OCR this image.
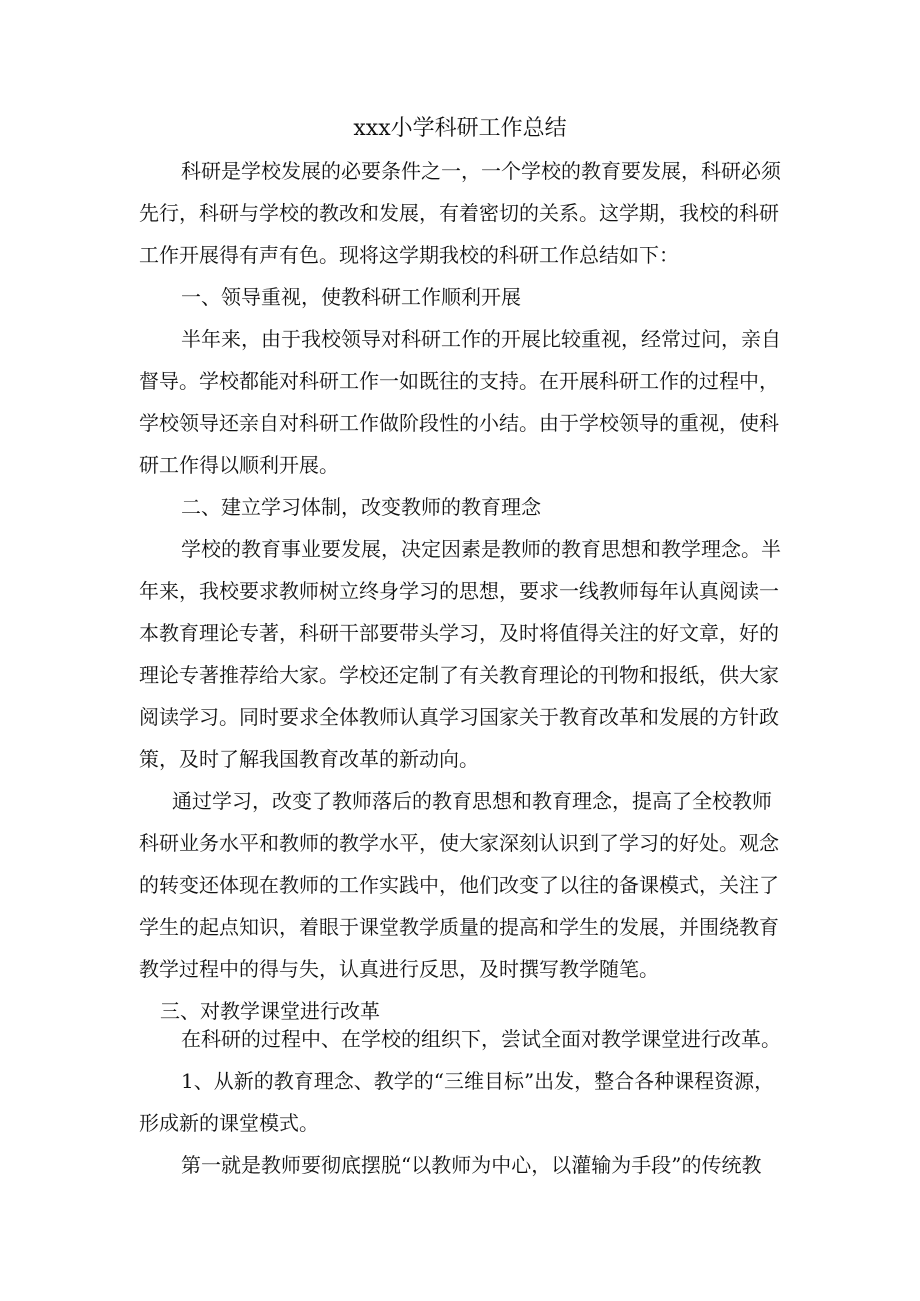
xxx小学科研工作总结

科研是学校发展的必要条件之一，一个学校的教育要发展，科研必须

先行，科研与学校的教改和发展，有着密切的关系。这学期，我校的科研

工作开展得有声有色。现将这学期我校的科研工作总结如下：

一、领导重视，使教科研工作顺利开展

半年来，由于我校领导对科研工作的开展比较重视，经常过问，亲自

督导。学校都能对科研工作一如既往的支持。在开展科研工作的过程中，

学校领导还亲自对科研工作做阶段性的小结。由于学校领导的重视，使科

研工作得以顺利开展。

二、建立学习体制，改变教师的教育理念

学校的教育事业要发展，决定因素是教师的教育思想和教学理念。半

年来，我校要求教师树立终身学习的思想，要求一线教师每年认真阅读一

本教育理论专著，科研干部要带头学习，及时将值得关注的好文章，好的

理论专著推荐给大家。学校还定制了有关教育理论的刊物和报纸，供大家

阅读学习。同时要求全体教师认真学习国家关于教育改革和发展的方针政

策，及时了解我国教育改革的新动向。

通过学习，改变了教师落后的教育思想和教育理念，提高了全校教师

科研业务水平和教师的教学水平，使大家深刻认识到了学习的好处。观念

的转变还体现在教师的工作实践中，他们改变了以往的备课模式，关注了

学生的起点知识，着眼于课堂教学质量的提高和学生的发展，并围绕教育

教学过程中的得与失，认真进行反思，及时撰写教学随笔。

三、对教学课堂进行改革

在科研的过程中、在学校的组织下，尝试全面对教学课堂进行改革。

1、从新的教育理念、教学的“三维目标”出发，整合各种课程资源，

形成新的课堂模式。

第一就是教师要彻底摆脱“以教师为中心，以灌输为手段”的传统教
